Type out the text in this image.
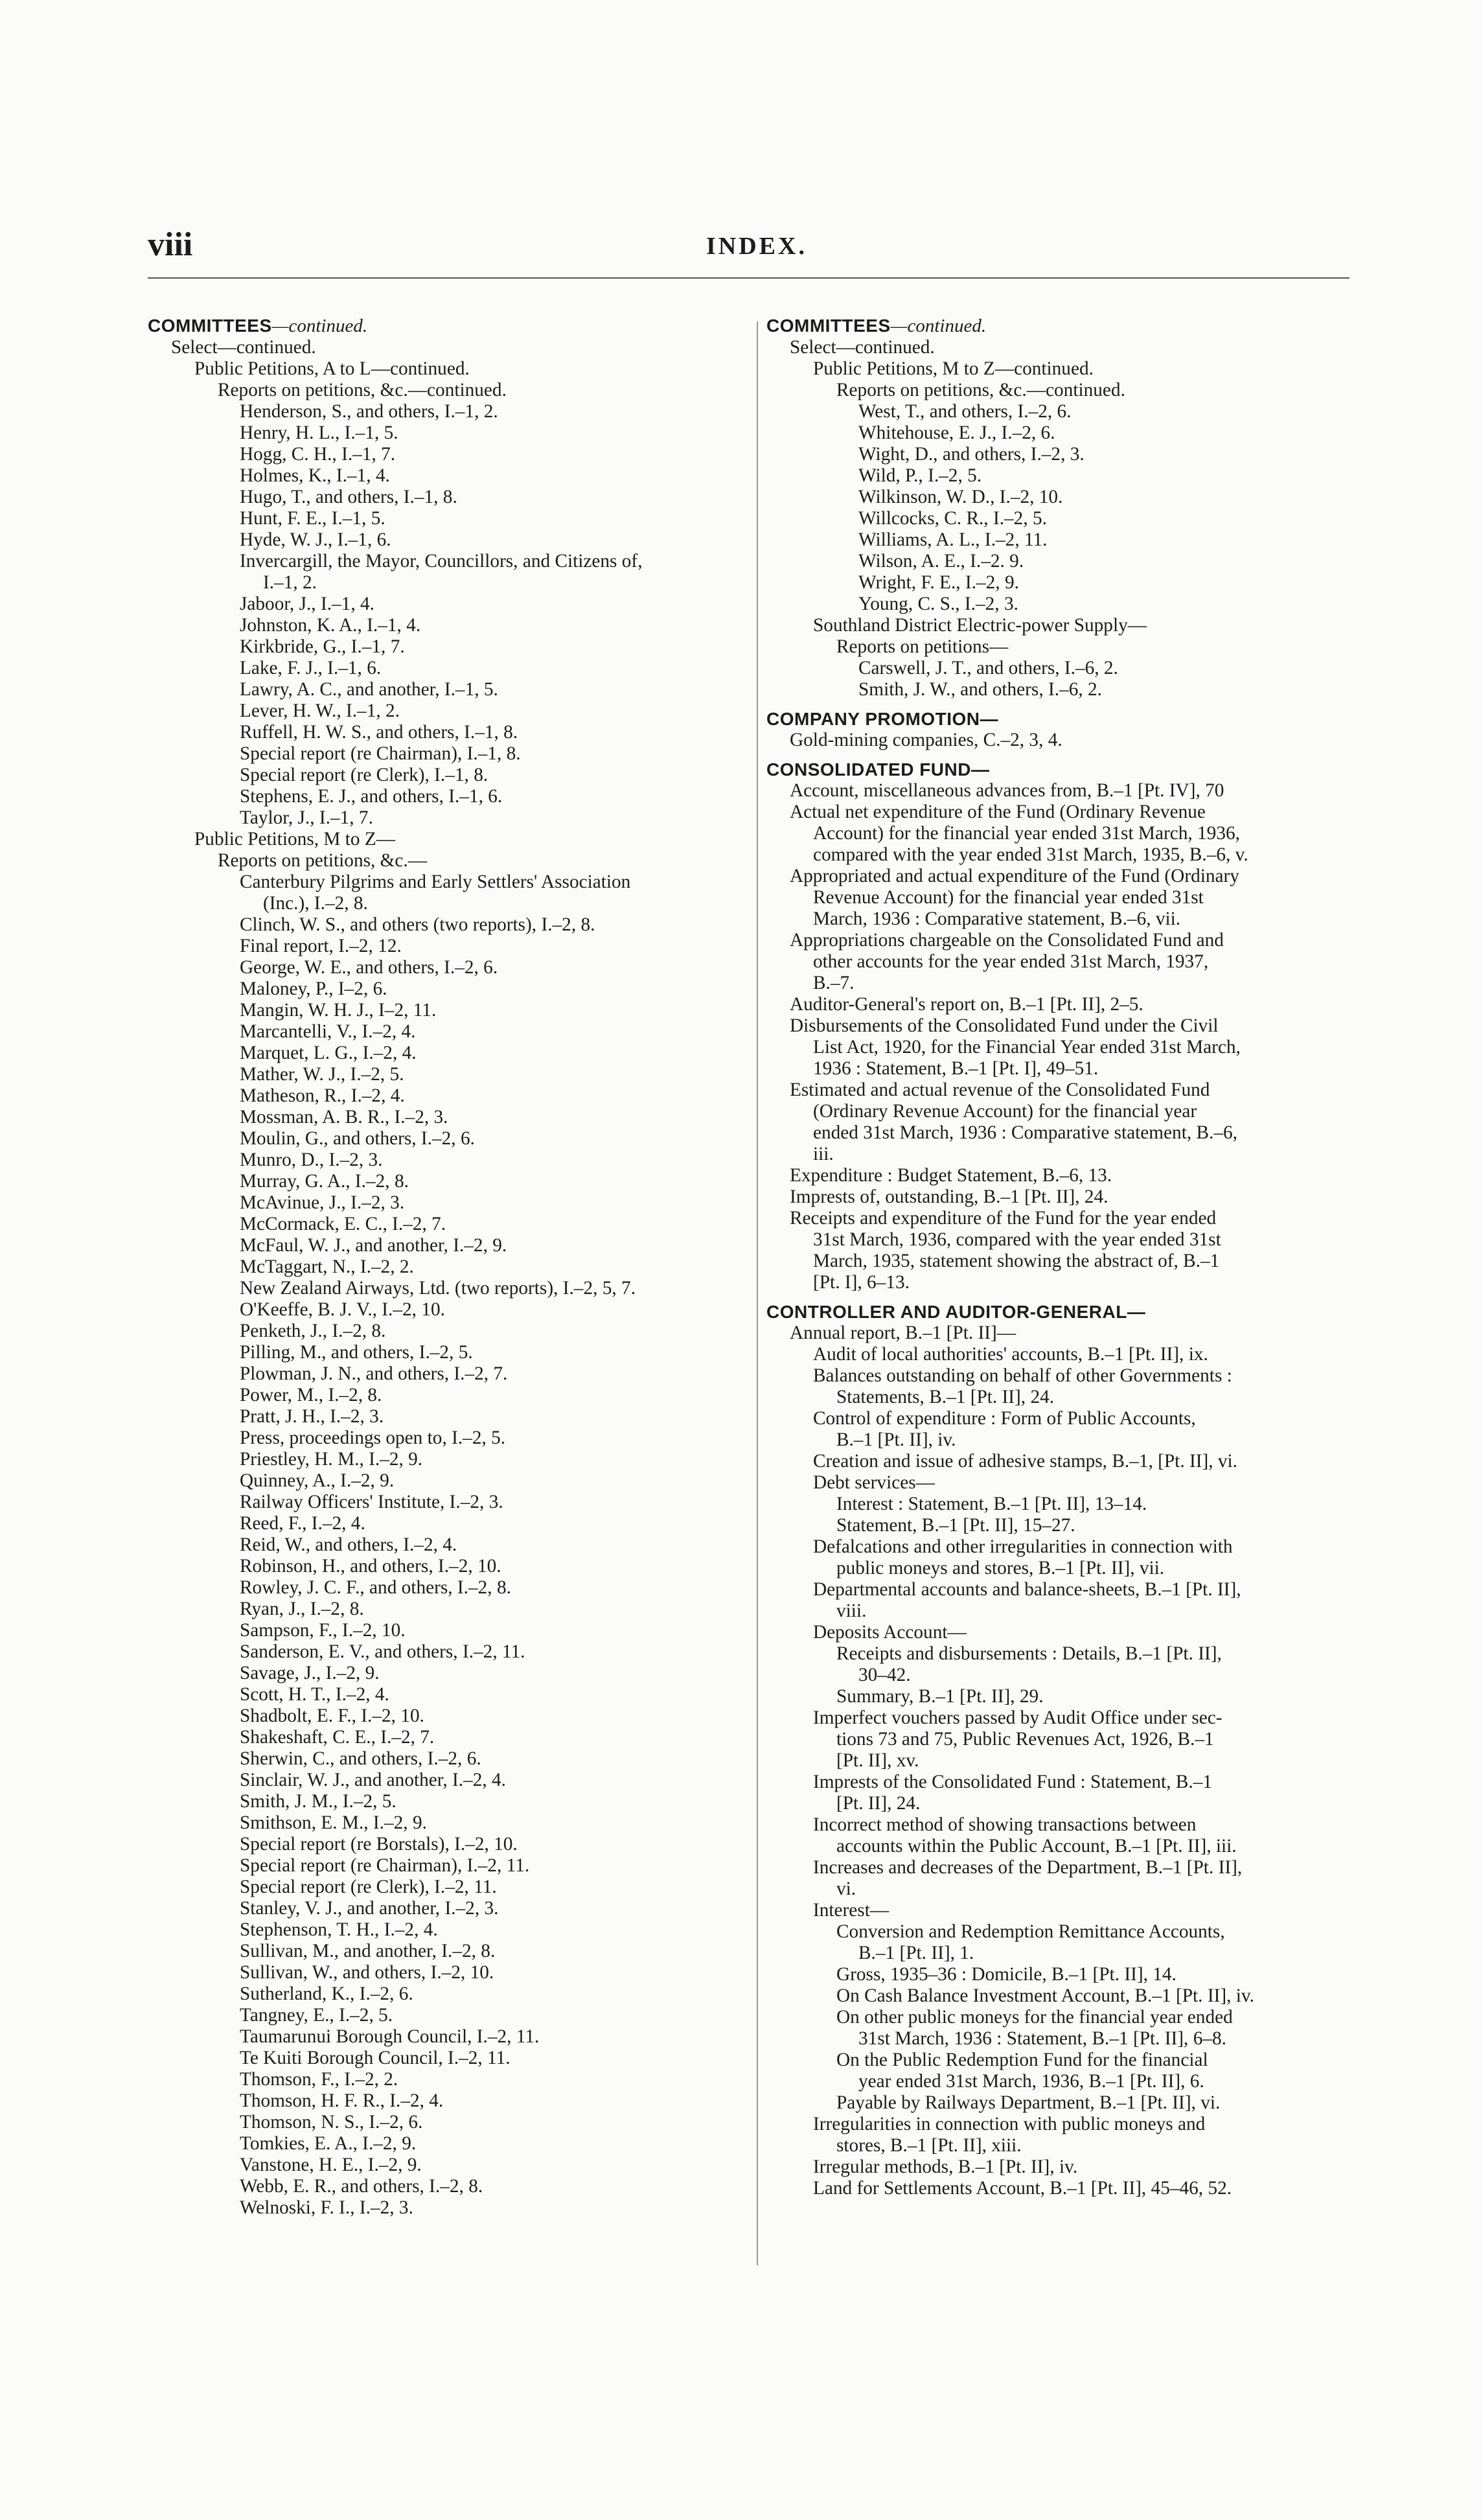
viii	INDEX.
COMMITTEES—continued.
Select—continued.
Public Petitions, A to L—continued.
Reports on petitions, &c.—continued.
Henderson, S., and others, I.–1, 2.
Henry, H. L., I.–1, 5.
Hogg, C. H., I.–1, 7.
Holmes, K., I.–1, 4.
Hugo, T., and others, I.–1, 8.
Hunt, F. E., I.–1, 5.
Hyde, W. J., I.–1, 6.
Invercargill, the Mayor, Councillors, and Citizens of,
I.–1, 2.
Jaboor, J., I.–1, 4.
Johnston, K. A., I.–1, 4.
Kirkbride, G., I.–1, 7.
Lake, F. J., I.–1, 6.
Lawry, A. C., and another, I.–1, 5.
Lever, H. W., I.–1, 2.
Ruffell, H. W. S., and others, I.–1, 8.
Special report (re Chairman), I.–1, 8.
Special report (re Clerk), I.–1, 8.
Stephens, E. J., and others, I.–1, 6.
Taylor, J., I.–1, 7.
Public Petitions, M to Z—
Reports on petitions, &c.—
Canterbury Pilgrims and Early Settlers' Association
(Inc.), I.–2, 8.
Clinch, W. S., and others (two reports), I.–2, 8.
Final report, I.–2, 12.
George, W. E., and others, I.–2, 6.
Maloney, P., I–2, 6.
Mangin, W. H. J., I–2, 11.
Marcantelli, V., I.–2, 4.
Marquet, L. G., I.–2, 4.
Mather, W. J., I.–2, 5.
Matheson, R., I.–2, 4.
Mossman, A. B. R., I.–2, 3.
Moulin, G., and others, I.–2, 6.
Munro, D., I.–2, 3.
Murray, G. A., I.–2, 8.
McAvinue, J., I.–2, 3.
McCormack, E. C., I.–2, 7.
McFaul, W. J., and another, I.–2, 9.
McTaggart, N., I.–2, 2.
New Zealand Airways, Ltd. (two reports), I.–2, 5, 7.
O'Keeffe, B. J. V., I.–2, 10.
Penketh, J., I.–2, 8.
Pilling, M., and others, I.–2, 5.
Plowman, J. N., and others, I.–2, 7.
Power, M., I.–2, 8.
Pratt, J. H., I.–2, 3.
Press, proceedings open to, I.–2, 5.
Priestley, H. M., I.–2, 9.
Quinney, A., I.–2, 9.
Railway Officers' Institute, I.–2, 3.
Reed, F., I.–2, 4.
Reid, W., and others, I.–2, 4.
Robinson, H., and others, I.–2, 10.
Rowley, J. C. F., and others, I.–2, 8.
Ryan, J., I.–2, 8.
Sampson, F., I.–2, 10.
Sanderson, E. V., and others, I.–2, 11.
Savage, J., I.–2, 9.
Scott, H. T., I.–2, 4.
Shadbolt, E. F., I.–2, 10.
Shakeshaft, C. E., I.–2, 7.
Sherwin, C., and others, I.–2, 6.
Sinclair, W. J., and another, I.–2, 4.
Smith, J. M., I.–2, 5.
Smithson, E. M., I.–2, 9.
Special report (re Borstals), I.–2, 10.
Special report (re Chairman), I.–2, 11.
Special report (re Clerk), I.–2, 11.
Stanley, V. J., and another, I.–2, 3.
Stephenson, T. H., I.–2, 4.
Sullivan, M., and another, I.–2, 8.
Sullivan, W., and others, I.–2, 10.
Sutherland, K., I.–2, 6.
Tangney, E., I.–2, 5.
Taumarunui Borough Council, I.–2, 11.
Te Kuiti Borough Council, I.–2, 11.
Thomson, F., I.–2, 2.
Thomson, H. F. R., I.–2, 4.
Thomson, N. S., I.–2, 6.
Tomkies, E. A., I.–2, 9.
Vanstone, H. E., I.–2, 9.
Webb, E. R., and others, I.–2, 8.
Welnoski, F. I., I.–2, 3.
COMMITTEES—continued.
Select—continued.
Public Petitions, M to Z—continued.
Reports on petitions, &c.—continued.
West, T., and others, I.–2, 6.
Whitehouse, E. J., I.–2, 6.
Wight, D., and others, I.–2, 3.
Wild, P., I.–2, 5.
Wilkinson, W. D., I.–2, 10.
Willcocks, C. R., I.–2, 5.
Williams, A. L., I.–2, 11.
Wilson, A. E., I.–2. 9.
Wright, F. E., I.–2, 9.
Young, C. S., I.–2, 3.
Southland District Electric-power Supply—
Reports on petitions—
Carswell, J. T., and others, I.–6, 2.
Smith, J. W., and others, I.–6, 2.
COMPANY PROMOTION—
Gold-mining companies, C.–2, 3, 4.
CONSOLIDATED FUND—
Account, miscellaneous advances from, B.–1 [Pt. IV], 70
Actual net expenditure of the Fund (Ordinary Revenue
Account) for the financial year ended 31st March, 1936,
compared with the year ended 31st March, 1935, B.–6, v.
Appropriated and actual expenditure of the Fund (Ordinary
Revenue Account) for the financial year ended 31st
March, 1936 : Comparative statement, B.–6, vii.
Appropriations chargeable on the Consolidated Fund and
other accounts for the year ended 31st March, 1937,
B.–7.
Auditor-General's report on, B.–1 [Pt. II], 2–5.
Disbursements of the Consolidated Fund under the Civil
List Act, 1920, for the Financial Year ended 31st March,
1936 : Statement, B.–1 [Pt. I], 49–51.
Estimated and actual revenue of the Consolidated Fund
(Ordinary Revenue Account) for the financial year
ended 31st March, 1936 : Comparative statement, B.–6,
iii.
Expenditure : Budget Statement, B.–6, 13.
Imprests of, outstanding, B.–1 [Pt. II], 24.
Receipts and expenditure of the Fund for the year ended
31st March, 1936, compared with the year ended 31st
March, 1935, statement showing the abstract of, B.–1
[Pt. I], 6–13.
CONTROLLER AND AUDITOR-GENERAL—
Annual report, B.–1 [Pt. II]—
Audit of local authorities' accounts, B.–1 [Pt. II], ix.
Balances outstanding on behalf of other Governments :
Statements, B.–1 [Pt. II], 24.
Control of expenditure : Form of Public Accounts,
B.–1 [Pt. II], iv.
Creation and issue of adhesive stamps, B.–1, [Pt. II], vi.
Debt services—
Interest : Statement, B.–1 [Pt. II], 13–14.
Statement, B.–1 [Pt. II], 15–27.
Defalcations and other irregularities in connection with
public moneys and stores, B.–1 [Pt. II], vii.
Departmental accounts and balance-sheets, B.–1 [Pt. II],
viii.
Deposits Account—
Receipts and disbursements : Details, B.–1 [Pt. II],
30–42.
Summary, B.–1 [Pt. II], 29.
Imperfect vouchers passed by Audit Office under sec-
tions 73 and 75, Public Revenues Act, 1926, B.–1
[Pt. II], xv.
Imprests of the Consolidated Fund : Statement, B.–1
[Pt. II], 24.
Incorrect method of showing transactions between
accounts within the Public Account, B.–1 [Pt. II], iii.
Increases and decreases of the Department, B.–1 [Pt. II],
vi.
Interest—
Conversion and Redemption Remittance Accounts,
B.–1 [Pt. II], 1.
Gross, 1935–36 : Domicile, B.–1 [Pt. II], 14.
On Cash Balance Investment Account, B.–1 [Pt. II], iv.
On other public moneys for the financial year ended
31st March, 1936 : Statement, B.–1 [Pt. II], 6–8.
On the Public Redemption Fund for the financial
year ended 31st March, 1936, B.–1 [Pt. II], 6.
Payable by Railways Department, B.–1 [Pt. II], vi.
Irregularities in connection with public moneys and
stores, B.–1 [Pt. II], xiii.
Irregular methods, B.–1 [Pt. II], iv.
Land for Settlements Account, B.–1 [Pt. II], 45–46, 52.
